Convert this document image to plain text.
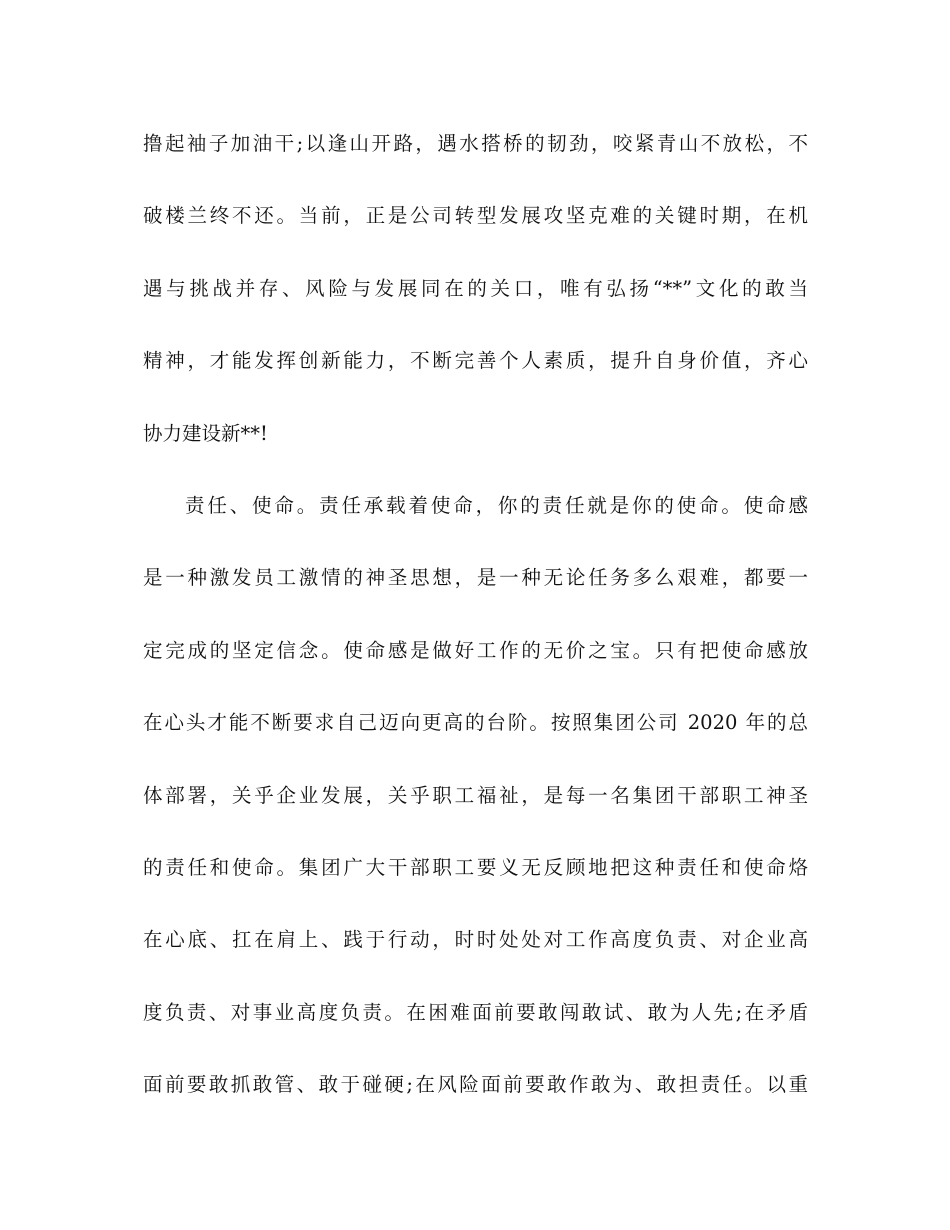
撸起袖子加油干;以逢山开路，遇水搭桥的韧劲，咬紧青山不放松，不
破楼兰终不还。当前，正是公司转型发展攻坚克难的关键时期，在机
遇与挑战并存、风险与发展同在的关口，唯有弘扬“**”文化的敢当
精神，才能发挥创新能力，不断完善个人素质，提升自身价值，齐心
协力建设新**!
责任、使命。责任承载着使命，你的责任就是你的使命。使命感
是一种激发员工激情的神圣思想，是一种无论任务多么艰难，都要一
定完成的坚定信念。使命感是做好工作的无价之宝。只有把使命感放
在心头才能不断要求自己迈向更高的台阶。按照集团公司 2020 年的总
体部署，关乎企业发展，关乎职工福祉，是每一名集团干部职工神圣
的责任和使命。集团广大干部职工要义无反顾地把这种责任和使命烙
在心底、扛在肩上、践于行动，时时处处对工作高度负责、对企业高
度负责、对事业高度负责。在困难面前要敢闯敢试、敢为人先;在矛盾
面前要敢抓敢管、敢于碰硬;在风险面前要敢作敢为、敢担责任。以重
